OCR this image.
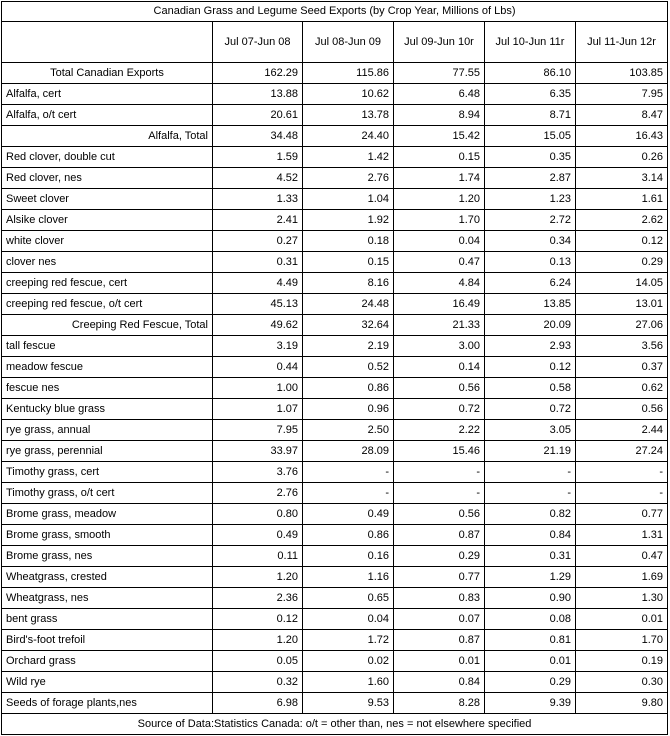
Canadian Grass and Legume Seed Exports (by Crop Year, Millions of Lbs)					
	Jul 07-Jun 08	Jul 08-Jun 09	Jul 09-Jun 10r	Jul 10-Jun 11r	Jul 11-Jun 12r
Total Canadian Exports	162.29	115.86	77.55	86.10	103.85
Alfalfa, cert	13.88	10.62	6.48	6.35	7.95
Alfalfa, o/t cert	20.61	13.78	8.94	8.71	8.47
Alfalfa, Total	34.48	24.40	15.42	15.05	16.43
Red clover, double cut	1.59	1.42	0.15	0.35	0.26
Red clover, nes	4.52	2.76	1.74	2.87	3.14
Sweet clover	1.33	1.04	1.20	1.23	1.61
Alsike clover	2.41	1.92	1.70	2.72	2.62
white clover	0.27	0.18	0.04	0.34	0.12
clover nes	0.31	0.15	0.47	0.13	0.29
creeping red fescue, cert	4.49	8.16	4.84	6.24	14.05
creeping red fescue, o/t cert	45.13	24.48	16.49	13.85	13.01
Creeping Red Fescue, Total	49.62	32.64	21.33	20.09	27.06
tall fescue	3.19	2.19	3.00	2.93	3.56
meadow fescue	0.44	0.52	0.14	0.12	0.37
fescue nes	1.00	0.86	0.56	0.58	0.62
Kentucky blue grass	1.07	0.96	0.72	0.72	0.56
rye grass, annual	7.95	2.50	2.22	3.05	2.44
rye grass, perennial	33.97	28.09	15.46	21.19	27.24
Timothy grass, cert	3.76	-	-	-	-
Timothy grass, o/t cert	2.76	-	-	-	-
Brome grass, meadow	0.80	0.49	0.56	0.82	0.77
Brome grass, smooth	0.49	0.86	0.87	0.84	1.31
Brome grass, nes	0.11	0.16	0.29	0.31	0.47
Wheatgrass, crested	1.20	1.16	0.77	1.29	1.69
Wheatgrass, nes	2.36	0.65	0.83	0.90	1.30
bent grass	0.12	0.04	0.07	0.08	0.01
Bird's-foot trefoil	1.20	1.72	0.87	0.81	1.70
Orchard grass	0.05	0.02	0.01	0.01	0.19
Wild rye	0.32	1.60	0.84	0.29	0.30
Seeds of forage plants,nes	6.98	9.53	8.28	9.39	9.80
Source of Data:Statistics Canada: o/t = other than, nes = not elsewhere specified					
